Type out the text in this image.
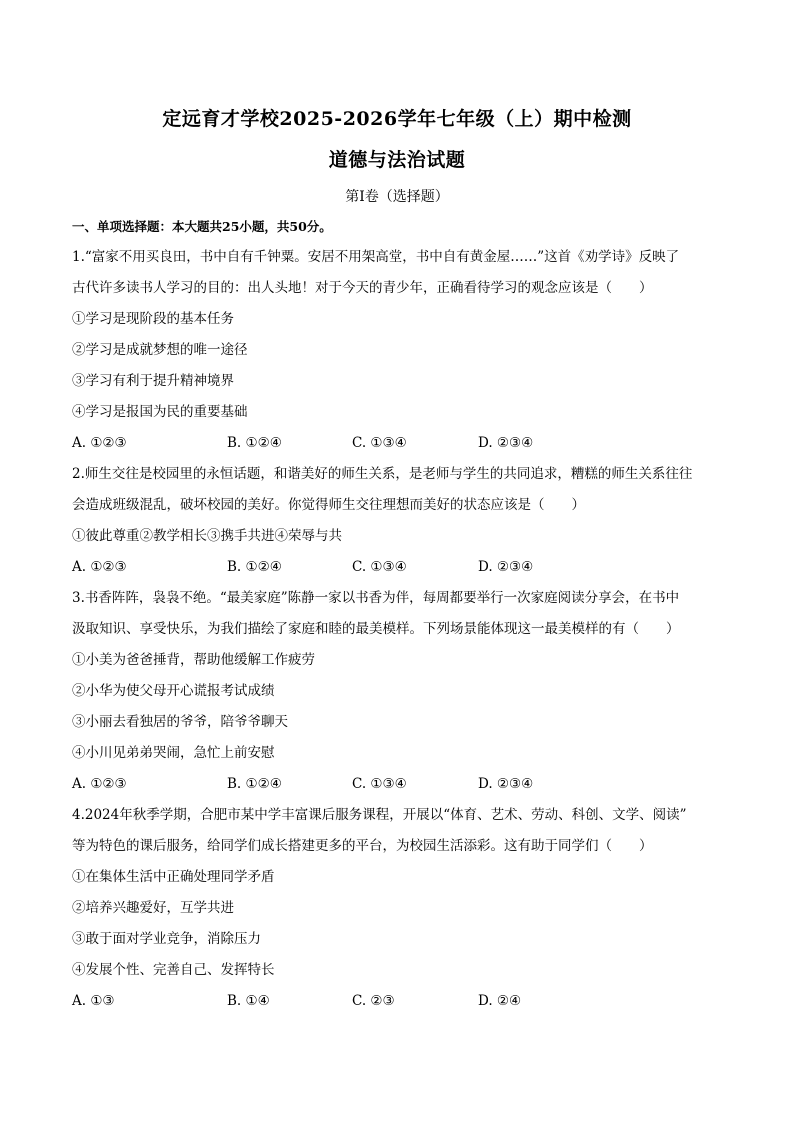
定远育才学校2025-2026学年七年级（上）期中检测
道德与法治试题
第Ⅰ卷（选择题）
一、单项选择题：本大题共25小题，共50分。
1.“富家不用买良田，书中自有千钟粟。安居不用架高堂，书中自有黄金屋……”这首《劝学诗》反映了
古代许多读书人学习的目的：出人头地！对于今天的青少年，正确看待学习的观念应该是（　　）
①学习是现阶段的基本任务
②学习是成就梦想的唯一途径
③学习有利于提升精神境界
④学习是报国为民的重要基础
A. ①②③	B. ①②④	C. ①③④	D. ②③④
2.师生交往是校园里的永恒话题，和谐美好的师生关系，是老师与学生的共同追求，糟糕的师生关系往往
会造成班级混乱，破坏校园的美好。你觉得师生交往理想而美好的状态应该是（　　）
①彼此尊重②教学相长③携手共进④荣辱与共
A. ①②③	B. ①②④	C. ①③④	D. ②③④
3.书香阵阵，袅袅不绝。“最美家庭”陈静一家以书香为伴，每周都要举行一次家庭阅读分享会，在书中
汲取知识、享受快乐，为我们描绘了家庭和睦的最美模样。下列场景能体现这一最美模样的有（　　）
①小美为爸爸捶背，帮助他缓解工作疲劳
②小华为使父母开心谎报考试成绩
③小丽去看独居的爷爷，陪爷爷聊天
④小川见弟弟哭闹，急忙上前安慰
A. ①②③	B. ①②④	C. ①③④	D. ②③④
4.2024年秋季学期，合肥市某中学丰富课后服务课程，开展以“体育、艺术、劳动、科创、文学、阅读”
等为特色的课后服务，给同学们成长搭建更多的平台，为校园生活添彩。这有助于同学们（　　）
①在集体生活中正确处理同学矛盾
②培养兴趣爱好，互学共进
③敢于面对学业竞争，消除压力
④发展个性、完善自己、发挥特长
A. ①③	B. ①④	C. ②③	D. ②④
